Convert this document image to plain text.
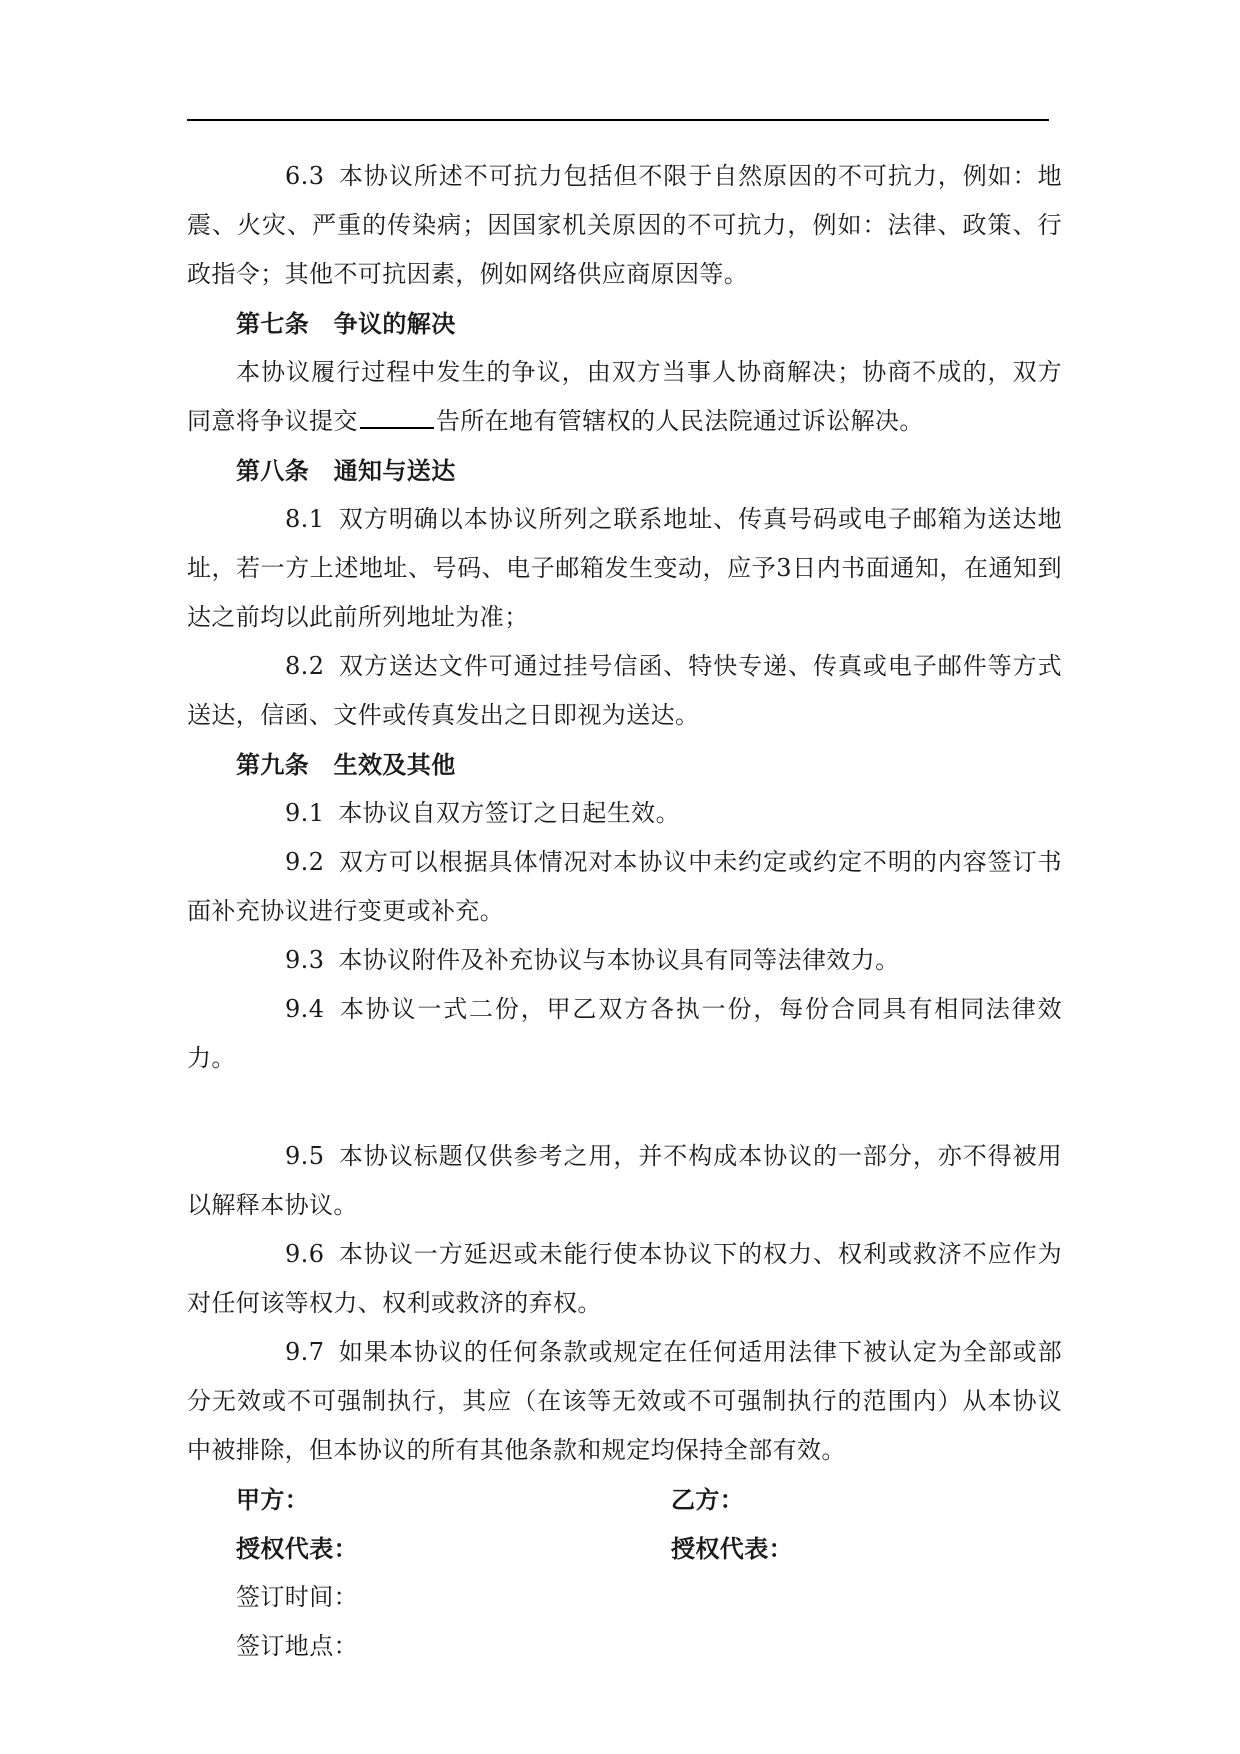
6.3 本协议所述不可抗力包括但不限于自然原因的不可抗力，例如：地震、火灾、严重的传染病；因国家机关原因的不可抗力，例如：法律、政策、行政指令；其他不可抗因素，例如网络供应商原因等。

第七条　争议的解决

本协议履行过程中发生的争议，由双方当事人协商解决；协商不成的，双方同意将争议提交	告所在地有管辖权的人民法院通过诉讼解决。

第八条　通知与送达

8.1 双方明确以本协议所列之联系地址、传真号码或电子邮箱为送达地址，若一方上述地址、号码、电子邮箱发生变动，应予3日内书面通知，在通知到达之前均以此前所列地址为准；

8.2 双方送达文件可通过挂号信函、特快专递、传真或电子邮件等方式送达，信函、文件或传真发出之日即视为送达。

第九条　生效及其他

9.1 本协议自双方签订之日起生效。

9.2 双方可以根据具体情况对本协议中未约定或约定不明的内容签订书面补充协议进行变更或补充。

9.3 本协议附件及补充协议与本协议具有同等法律效力。

9.4 本协议一式二份，甲乙双方各执一份，每份合同具有相同法律效力。

9.5 本协议标题仅供参考之用，并不构成本协议的一部分，亦不得被用以解释本协议。

9.6 本协议一方延迟或未能行使本协议下的权力、权利或救济不应作为对任何该等权力、权利或救济的弃权。

9.7 如果本协议的任何条款或规定在任何适用法律下被认定为全部或部分无效或不可强制执行，其应（在该等无效或不可强制执行的范围内）从本协议中被排除，但本协议的所有其他条款和规定均保持全部有效。

甲方：	乙方：
授权代表：	授权代表：
签订时间：
签订地点：
